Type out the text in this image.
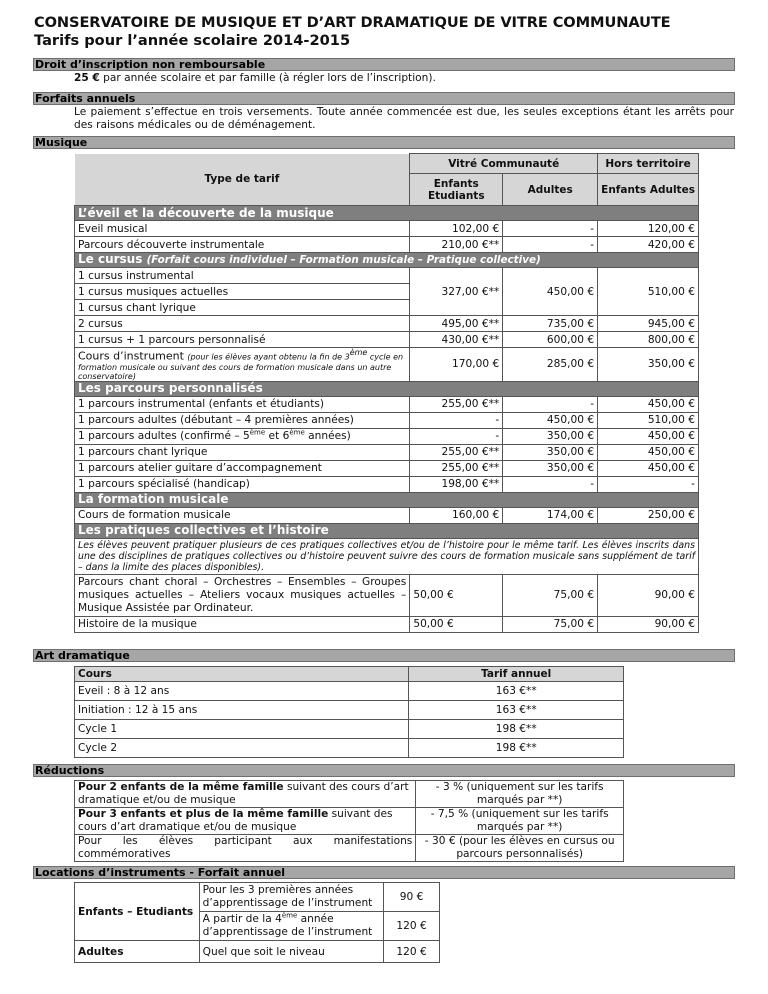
CONSERVATOIRE DE MUSIQUE ET D’ART DRAMATIQUE DE VITRE COMMUNAUTE
Tarifs pour l’année scolaire 2014-2015
Droit d’inscription non remboursable
25 € par année scolaire et par famille (à régler lors de l’inscription).
Forfaits annuels
Le paiement s’effectue en trois versements. Toute année commencée est due, les seules exceptions étant les arrêts pour des raisons médicales ou de déménagement.
Musique
Type de tarif	Vitré Communauté		Hors territoire
	Enfants Etudiants	Adultes	Enfants Adultes
L’éveil et la découverte de la musique			
Eveil musical	102,00 €	-	120,00 €
Parcours découverte instrumentale	210,00 €**	-	420,00 €
Le cursus (Forfait cours individuel – Formation musicale – Pratique collective)			
1 cursus instrumental	327,00 €**	450,00 €	510,00 €
1 cursus musiques actuelles			
1 cursus chant lyrique			
2 cursus	495,00 €**	735,00 €	945,00 €
1 cursus + 1 parcours personnalisé	430,00 €**	600,00 €	800,00 €
Cours d’instrument (pour les élèves ayant obtenu la fin de 3ème cycle en formation musicale ou suivant des cours de formation musicale dans un autre conservatoire)	170,00 €	285,00 €	350,00 €
Les parcours personnalisés			
1 parcours instrumental (enfants et étudiants)	255,00 €**	-	450,00 €
1 parcours adultes (débutant – 4 premières années)	-	450,00 €	510,00 €
1 parcours adultes (confirmé – 5ème et 6ème années)	-	350,00 €	450,00 €
1 parcours chant lyrique	255,00 €**	350,00 €	450,00 €
1 parcours atelier guitare d’accompagnement	255,00 €**	350,00 €	450,00 €
1 parcours spécialisé (handicap)	198,00 €**	-	-
La formation musicale			
Cours de formation musicale	160,00 €	174,00 €	250,00 €
Les pratiques collectives et l’histoire			
Les élèves peuvent pratiquer plusieurs de ces pratiques collectives et/ou de l’histoire pour le même tarif. Les élèves inscrits dans une des disciplines de pratiques collectives ou d’histoire peuvent suivre des cours de formation musicale sans supplément de tarif – dans la limite des places disponibles).			
Parcours chant choral – Orchestres – Ensembles – Groupes musiques actuelles – Ateliers vocaux musiques actuelles – Musique Assistée par Ordinateur.	50,00 €	75,00 €	90,00 €
Histoire de la musique	50,00 €	75,00 €	90,00 €
Art dramatique
Cours	Tarif annuel
Eveil : 8 à 12 ans	163 €**
Initiation : 12 à 15 ans	163 €**
Cycle 1	198 €**
Cycle 2	198 €**
Réductions
Pour 2 enfants de la même famille suivant des cours d’art dramatique et/ou de musique	- 3 % (uniquement sur les tarifs marqués par **)
Pour 3 enfants et plus de la même famille suivant des cours d’art dramatique et/ou de musique	- 7,5 % (uniquement sur les tarifs marqués par **)
Pour les élèves participant aux manifestations commémoratives	- 30 € (pour les élèves en cursus ou parcours personnalisés)
Locations d’instruments - Forfait annuel
Enfants – Etudiants	Pour les 3 premières années d’apprentissage de l’instrument	90 €
	A partir de la 4ème année d’apprentissage de l’instrument	120 €
Adultes	Quel que soit le niveau	120 €
